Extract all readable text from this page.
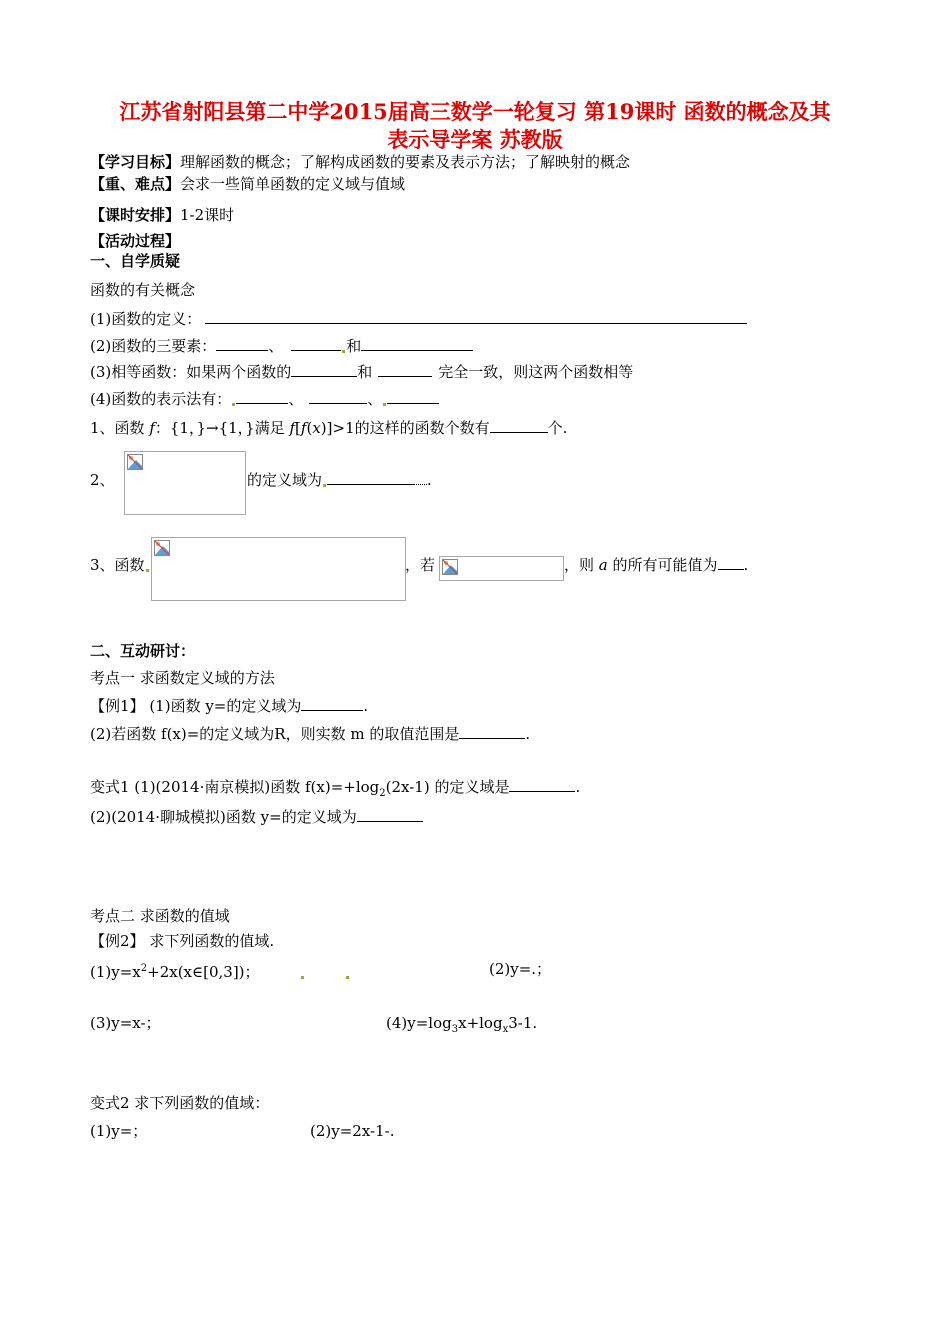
江苏省射阳县第二中学2015届高三数学一轮复习 第19课时 函数的概念及其
表示导学案 苏教版
【学习目标】理解函数的概念；了解构成函数的要素及表示方法；了解映射的概念
【重、难点】会求一些简单函数的定义域与值域
【课时安排】1-2课时
【活动过程】
一、自学质疑
函数的有关概念
(1)函数的定义：
(2)函数的三要素：	、	和
(3)相等函数：如果两个函数的	和	完全一致，则这两个函数相等
(4)函数的表示法有：	、	、
1、函数 f：{1，}→{1，}满足 f[f(x)]>1的这样的函数个数有	个.
2、	的定义域为	.
3、函数	，若	，则 a 的所有可能值为 .
二、互动研讨：
考点一 求函数定义域的方法
【例1】 (1)函数 y=的定义域为	.
(2)若函数 f(x)=的定义域为R，则实数 m 的取值范围是	.
变式1 (1)(2014·南京模拟)函数 $f(x)=+\log_2(2x-1)$ 的定义域是	.
(2)(2014·聊城模拟)函数 y=的定义域为
考点二 求函数的值域
【例2】 求下列函数的值域.
$(1)y=x^2+2x(x\in[0,3])$；	(2)y=.；
(3)y=x-；	$(4)y=\log_3x+\log_x3-1$.
变式2 求下列函数的值域：
(1)y=；	(2)y=2x-1-.
